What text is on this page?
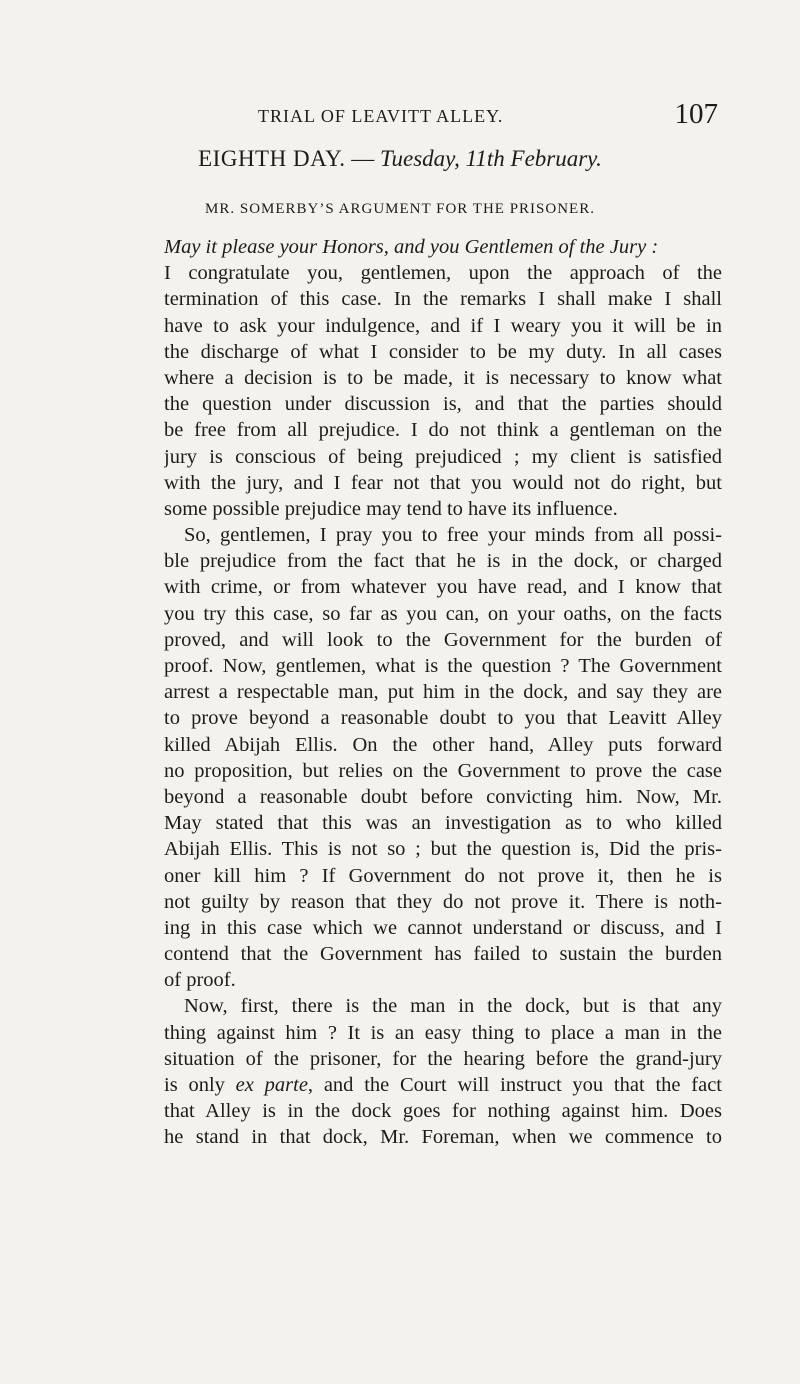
TRIAL OF LEAVITT ALLEY.	107
EIGHTH DAY. — Tuesday, 11th February.
MR. SOMERBY’S ARGUMENT FOR THE PRISONER.
May it please your Honors, and you Gentlemen of the Jury :
I congratulate you, gentlemen, upon the approach of the
termination of this case. In the remarks I shall make I shall
have to ask your indulgence, and if I weary you it will be in
the discharge of what I consider to be my duty. In all cases
where a decision is to be made, it is necessary to know what
the question under discussion is, and that the parties should
be free from all prejudice. I do not think a gentleman on the
jury is conscious of being prejudiced ; my client is satisfied
with the jury, and I fear not that you would not do right, but
some possible prejudice may tend to have its influence.
So, gentlemen, I pray you to free your minds from all possi-
ble prejudice from the fact that he is in the dock, or charged
with crime, or from whatever you have read, and I know that
you try this case, so far as you can, on your oaths, on the facts
proved, and will look to the Government for the burden of
proof. Now, gentlemen, what is the question ? The Government
arrest a respectable man, put him in the dock, and say they are
to prove beyond a reasonable doubt to you that Leavitt Alley
killed Abijah Ellis. On the other hand, Alley puts forward
no proposition, but relies on the Government to prove the case
beyond a reasonable doubt before convicting him. Now, Mr.
May stated that this was an investigation as to who killed
Abijah Ellis. This is not so ; but the question is, Did the pris-
oner kill him ? If Government do not prove it, then he is
not guilty by reason that they do not prove it. There is noth-
ing in this case which we cannot understand or discuss, and I
contend that the Government has failed to sustain the burden
of proof.
Now, first, there is the man in the dock, but is that any
thing against him ? It is an easy thing to place a man in the
situation of the prisoner, for the hearing before the grand-jury
is only ex parte, and the Court will instruct you that the fact
that Alley is in the dock goes for nothing against him. Does
he stand in that dock, Mr. Foreman, when we commence to
